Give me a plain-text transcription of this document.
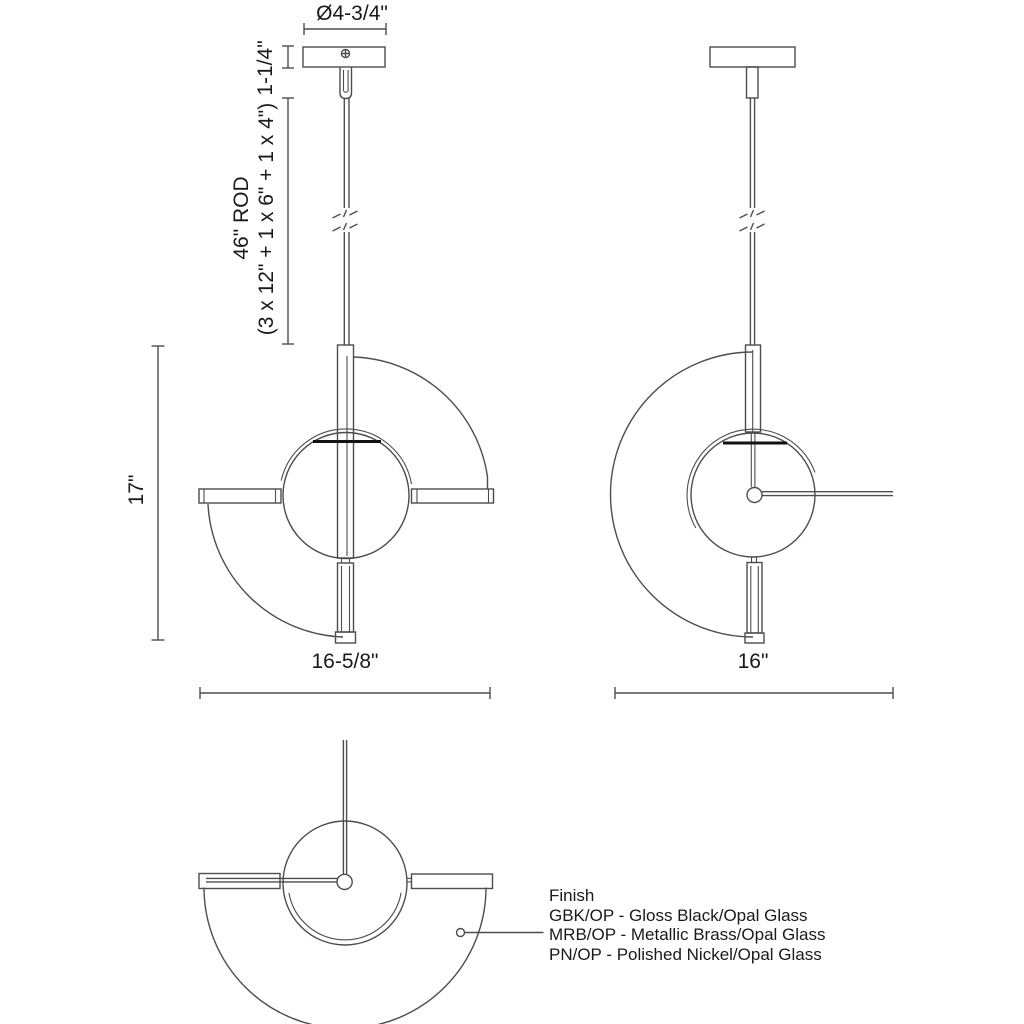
Ø4-3/4"
1-1/4"
46" ROD (3 x 12" + 1 x 6" + 1 x 4")
17"
16-5/8"	16"
Finish
GBK/OP - Gloss Black/Opal Glass
MRB/OP - Metallic Brass/Opal Glass
PN/OP - Polished Nickel/Opal Glass
